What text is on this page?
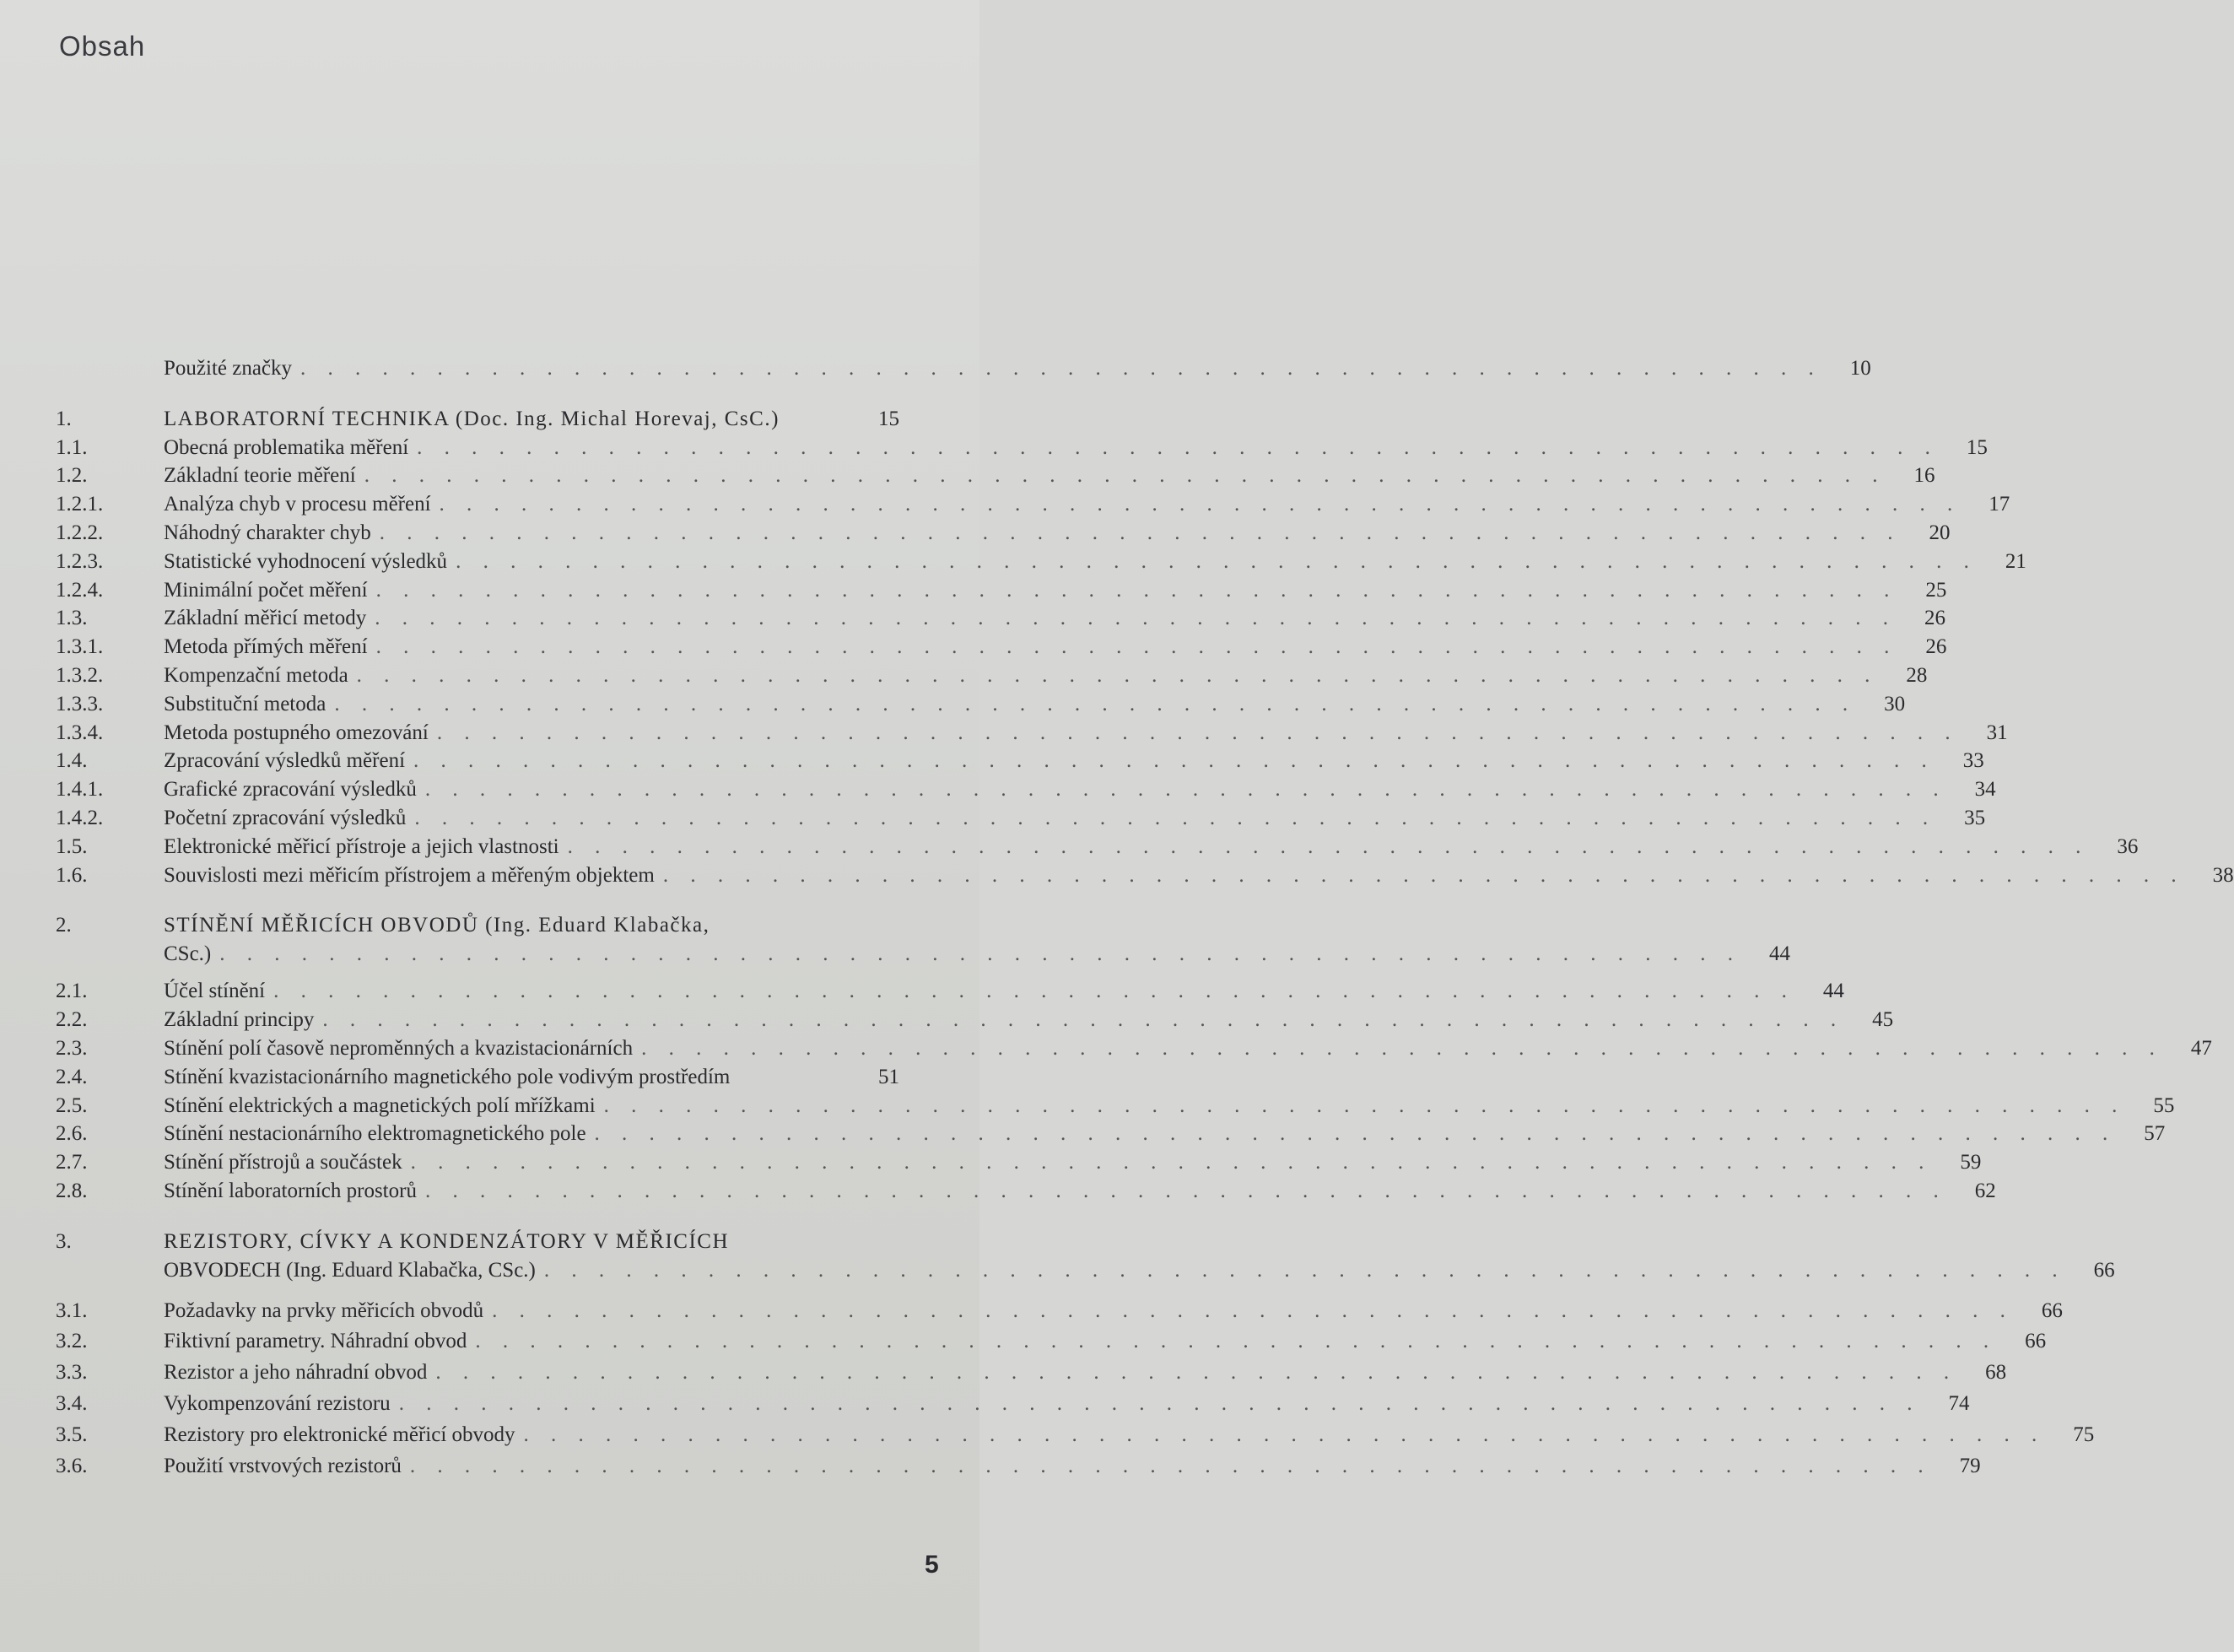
Obsah
Použité značky . . .	10
1.	LABORATORNÍ TECHNIKA (Doc. Ing. Michal Horevaj, CsC.)	15
1.1.	Obecná problematika měření . . .	15
1.2.	Základní teorie měření . . .	16
1.2.1.	Analýza chyb v procesu měření . . .	17
1.2.2.	Náhodný charakter chyb . . .	20
1.2.3.	Statistické vyhodnocení výsledků . . .	21
1.2.4.	Minimální počet měření . . .	25
1.3.	Základní měřicí metody . . .	26
1.3.1.	Metoda přímých měření . . .	26
1.3.2.	Kompenzační metoda . . .	28
1.3.3.	Substituční metoda . . .	30
1.3.4.	Metoda postupného omezování . . .	31
1.4.	Zpracování výsledků měření . . .	33
1.4.1.	Grafické zpracování výsledků . . .	34
1.4.2.	Početní zpracování výsledků . . .	35
1.5.	Elektronické měřicí přístroje a jejich vlastnosti . . .	36
1.6.	Souvislosti mezi měřicím přístrojem a měřeným objektem . . .	38
2.	STÍNĚNÍ MĚŘICÍCH OBVODŮ (Ing. Eduard Klabačka,
CSc.) . . .	44
2.1.	Účel stínění . . .	44
2.2.	Základní principy . . .	45
2.3.	Stínění polí časově neproměnných a kvazistacionárních . . .	47
2.4.	Stínění kvazistacionárního magnetického pole vodivým prostředím	51
2.5.	Stínění elektrických a magnetických polí mřížkami . . .	55
2.6.	Stínění nestacionárního elektromagnetického pole . . .	57
2.7.	Stínění přístrojů a součástek . . .	59
2.8.	Stínění laboratorních prostorů . . .	62
3.	REZISTORY, CÍVKY A KONDENZÁTORY V MĚŘICÍCH
OBVODECH (Ing. Eduard Klabačka, CSc.) . . .	66
3.1.	Požadavky na prvky měřicích obvodů . . .	66
3.2.	Fiktivní parametry. Náhradní obvod . . .	66
3.3.	Rezistor a jeho náhradní obvod . . .	68
3.4.	Vykompenzování rezistoru . . .	74
3.5.	Rezistory pro elektronické měřicí obvody . . .	75
3.6.	Použití vrstvových rezistorů . . .	79
5
